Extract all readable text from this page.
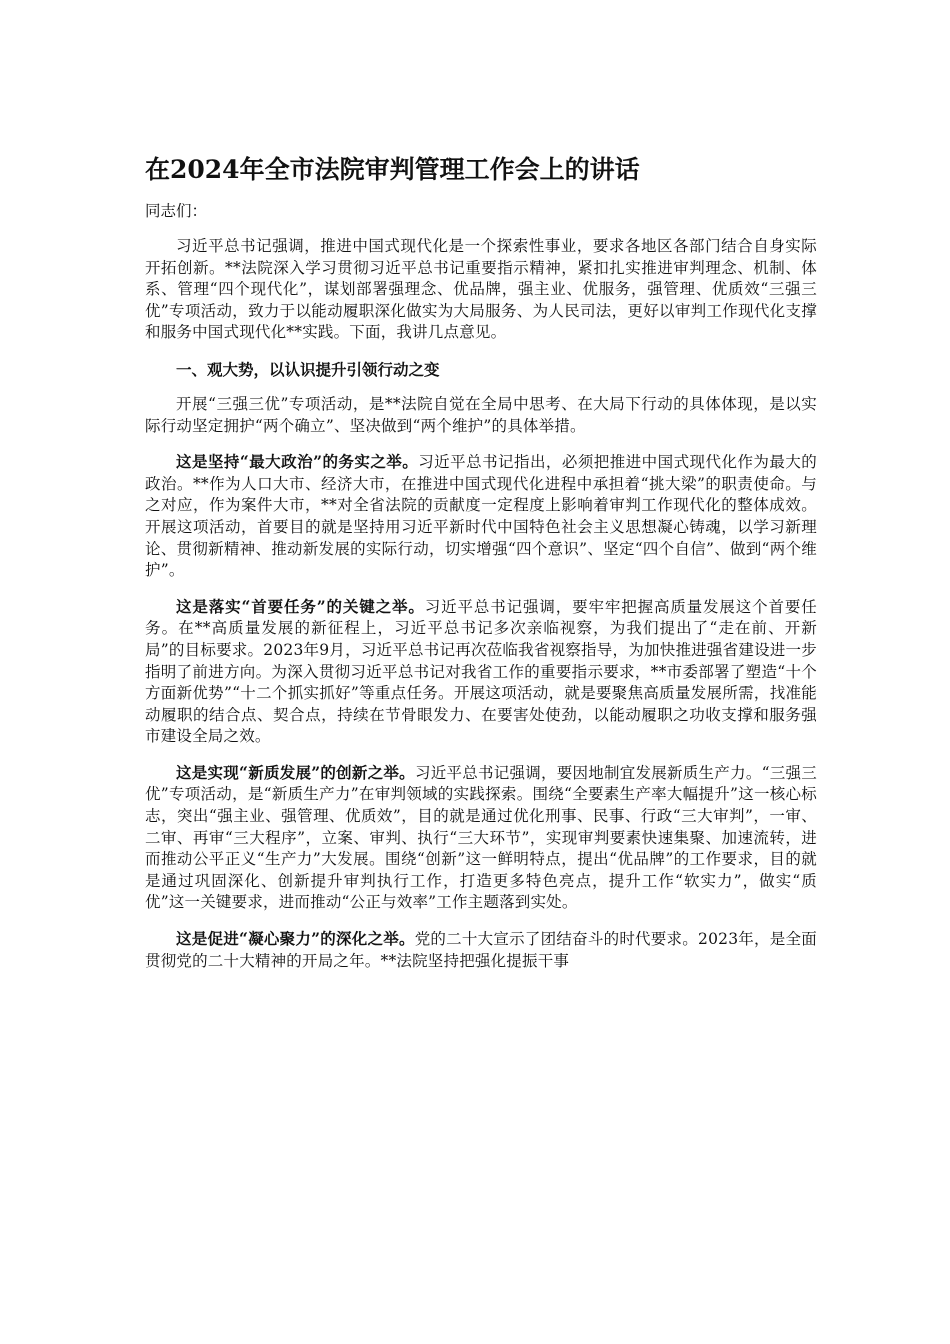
在2024年全市法院审判管理工作会上的讲话

同志们：

习近平总书记强调，推进中国式现代化是一个探索性事业，要求各地区各部门结合自身实际开拓创新。**法院深入学习贯彻习近平总书记重要指示精神，紧扣扎实推进审判理念、机制、体系、管理“四个现代化”，谋划部署强理念、优品牌，强主业、优服务，强管理、优质效“三强三优”专项活动，致力于以能动履职深化做实为大局服务、为人民司法，更好以审判工作现代化支撑和服务中国式现代化**实践。下面，我讲几点意见。

一、观大势，以认识提升引领行动之变

开展“三强三优”专项活动，是**法院自觉在全局中思考、在大局下行动的具体体现，是以实际行动坚定拥护“两个确立”、坚决做到“两个维护”的具体举措。

这是坚持“最大政治”的务实之举。习近平总书记指出，必须把推进中国式现代化作为最大的政治。**作为人口大市、经济大市，在推进中国式现代化进程中承担着“挑大梁”的职责使命。与之对应，作为案件大市，**对全省法院的贡献度一定程度上影响着审判工作现代化的整体成效。开展这项活动，首要目的就是坚持用习近平新时代中国特色社会主义思想凝心铸魂，以学习新理论、贯彻新精神、推动新发展的实际行动，切实增强“四个意识”、坚定“四个自信”、做到“两个维护”。

这是落实“首要任务”的关键之举。习近平总书记强调，要牢牢把握高质量发展这个首要任务。在**高质量发展的新征程上，习近平总书记多次亲临视察，为我们提出了“走在前、开新局”的目标要求。2023年9月，习近平总书记再次莅临我省视察指导，为加快推进强省建设进一步指明了前进方向。为深入贯彻习近平总书记对我省工作的重要指示要求，**市委部署了塑造“十个方面新优势”“十二个抓实抓好”等重点任务。开展这项活动，就是要聚焦高质量发展所需，找准能动履职的结合点、契合点，持续在节骨眼发力、在要害处使劲，以能动履职之功收支撑和服务强市建设全局之效。

这是实现“新质发展”的创新之举。习近平总书记强调，要因地制宜发展新质生产力。“三强三优”专项活动，是“新质生产力”在审判领域的实践探索。围绕“全要素生产率大幅提升”这一核心标志，突出“强主业、强管理、优质效”，目的就是通过优化刑事、民事、行政“三大审判”，一审、二审、再审“三大程序”，立案、审判、执行“三大环节”，实现审判要素快速集聚、加速流转，进而推动公平正义“生产力”大发展。围绕“创新”这一鲜明特点，提出“优品牌”的工作要求，目的就是通过巩固深化、创新提升审判执行工作，打造更多特色亮点，提升工作“软实力”，做实“质优”这一关键要求，进而推动“公正与效率”工作主题落到实处。

这是促进“凝心聚力”的深化之举。党的二十大宣示了团结奋斗的时代要求。2023年，是全面贯彻党的二十大精神的开局之年。**法院坚持把强化提振干事
